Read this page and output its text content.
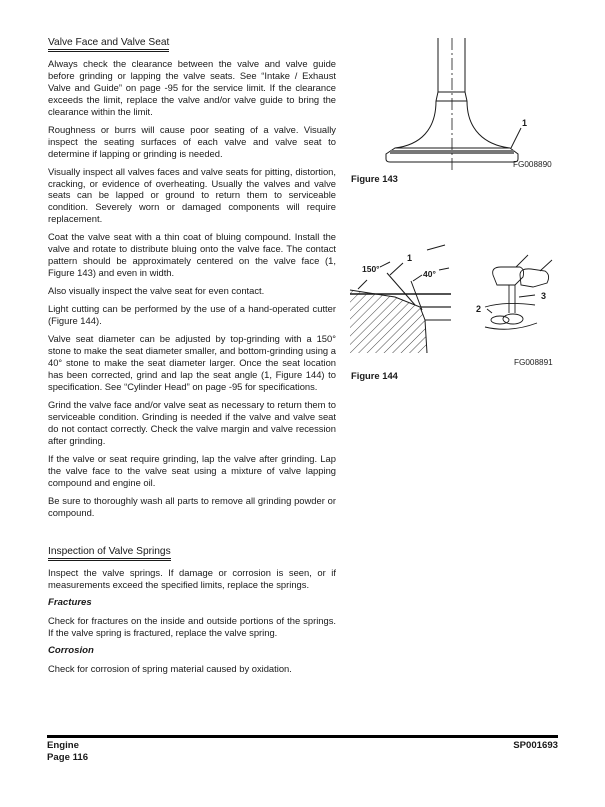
Valve Face and Valve Seat

Always check the clearance between the valve and valve guide before grinding or lapping the valve seats. See “Intake / Exhaust Valve and Guide” on page -95 for the service limit. If the clearance exceeds the limit, replace the valve and/or valve guide to bring the clearance within the limit.

Roughness or burrs will cause poor seating of a valve. Visually inspect the seating surfaces of each valve and valve seat to determine if lapping or grinding is needed.

Visually inspect all valves faces and valve seats for pitting, distortion, cracking, or evidence of overheating. Usually the valves and valve seats can be lapped or ground to return them to serviceable condition. Severely worn or damaged components will require replacement.

Coat the valve seat with a thin coat of bluing compound. Install the valve and rotate to distribute bluing onto the valve face. The contact pattern should be approximately centered on the valve face (1, Figure 143) and even in width.

Also visually inspect the valve seat for even contact.

Light cutting can be performed by the use of a hand-operated cutter (Figure 144).

Valve seat diameter can be adjusted by top-grinding with a 150° stone to make the seat diameter smaller, and bottom-grinding using a 40° stone to make the seat diameter larger. Once the seat location has been corrected, grind and lap the seat angle (1, Figure 144) to specification. See “Cylinder Head” on page -95 for specifications.

Grind the valve face and/or valve seat as necessary to return them to serviceable condition. Grinding is needed if the valve and valve seat do not contact correctly. Check the valve margin and valve recession after grinding.

If the valve or seat require grinding, lap the valve after grinding. Lap the valve face to the valve seat using a mixture of valve lapping compound and engine oil.

Be sure to thoroughly wash all parts to remove all grinding powder or compound.

Inspection of Valve Springs

Inspect the valve springs. If damage or corrosion is seen, or if measurements exceed the specified limits, replace the springs.

Fractures

Check for fractures on the inside and outside portions of the springs. If the valve spring is fractured, replace the valve spring.

Corrosion

Check for corrosion of spring material caused by oxidation.

1
Figure 143
FG008890
150°
1
40°
2
3
FG008891
Figure 144
Engine
Page 116
SP001693
